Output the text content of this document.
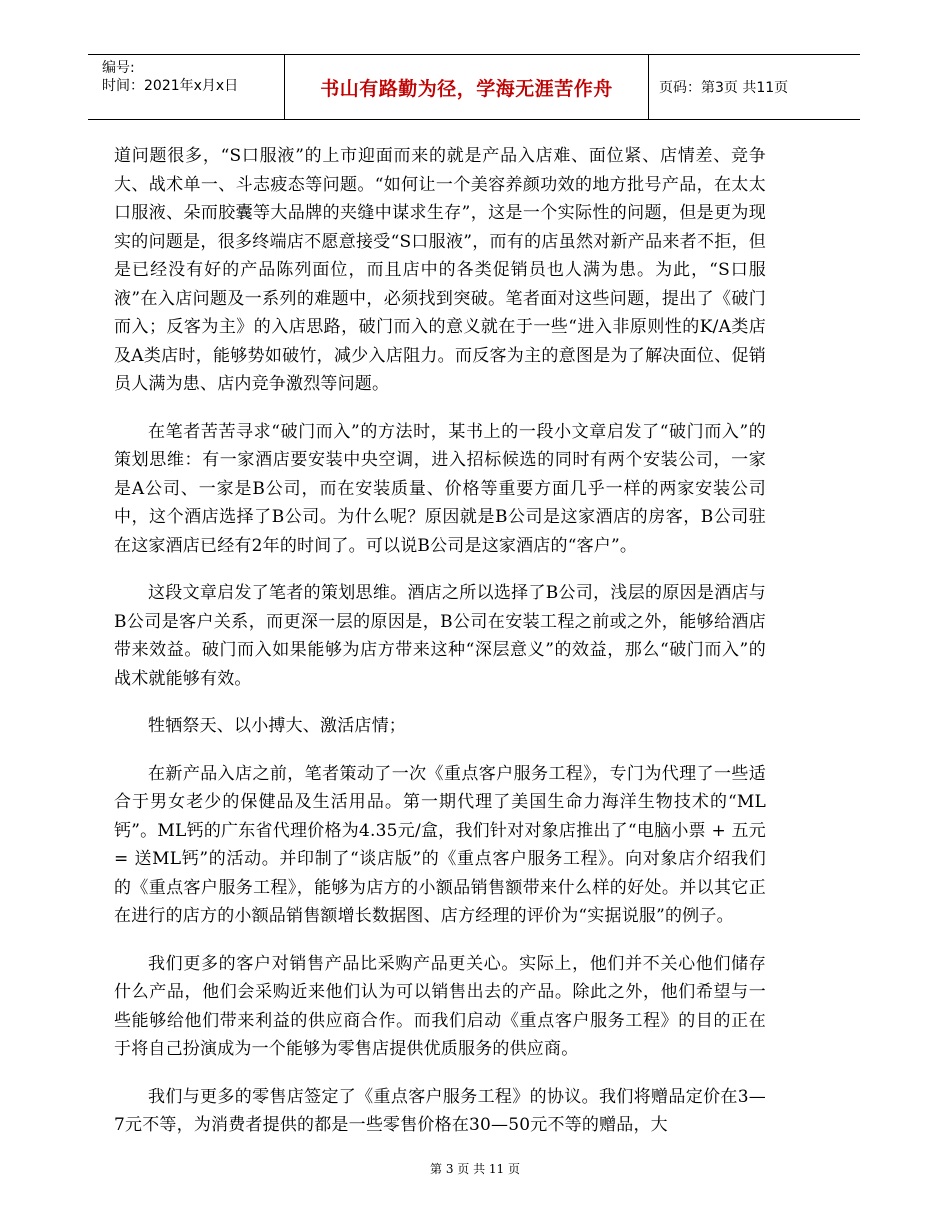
编号:
时间：2021年x月x日	书山有路勤为径，学海无涯苦作舟	页码：第3页 共11页

道问题很多，“S口服液”的上市迎面而来的就是产品入店难、面位紧、店情差、竞争大、战术单一、斗志疲态等问题。“如何让一个美容养颜功效的地方批号产品，在太太口服液、朵而胶囊等大品牌的夹缝中谋求生存”，这是一个实际性的问题，但是更为现实的问题是，很多终端店不愿意接受“S口服液”，而有的店虽然对新产品来者不拒，但是已经没有好的产品陈列面位，而且店中的各类促销员也人满为患。为此，“S口服液”在入店问题及一系列的难题中，必须找到突破。笔者面对这些问题，提出了《破门而入；反客为主》的入店思路，破门而入的意义就在于一些“进入非原则性的K/A类店及A类店时，能够势如破竹，减少入店阻力。而反客为主的意图是为了解决面位、促销员人满为患、店内竞争激烈等问题。

在笔者苦苦寻求“破门而入”的方法时，某书上的一段小文章启发了“破门而入”的策划思维：有一家酒店要安装中央空调，进入招标候选的同时有两个安装公司，一家是A公司、一家是B公司，而在安装质量、价格等重要方面几乎一样的两家安装公司中，这个酒店选择了B公司。为什么呢？原因就是B公司是这家酒店的房客，B公司驻在这家酒店已经有2年的时间了。可以说B公司是这家酒店的“客户”。

这段文章启发了笔者的策划思维。酒店之所以选择了B公司，浅层的原因是酒店与B公司是客户关系，而更深一层的原因是，B公司在安装工程之前或之外，能够给酒店带来效益。破门而入如果能够为店方带来这种“深层意义”的效益，那么“破门而入”的战术就能够有效。

牲牺祭天、以小搏大、激活店情；

在新产品入店之前，笔者策动了一次《重点客户服务工程》，专门为代理了一些适合于男女老少的保健品及生活用品。第一期代理了美国生命力海洋生物技术的“ML钙”。ML钙的广东省代理价格为4.35元/盒，我们针对对象店推出了“电脑小票 + 五元 = 送ML钙”的活动。并印制了“谈店版”的《重点客户服务工程》。向对象店介绍我们的《重点客户服务工程》，能够为店方的小额品销售额带来什么样的好处。并以其它正在进行的店方的小额品销售额增长数据图、店方经理的评价为“实据说服”的例子。

我们更多的客户对销售产品比采购产品更关心。实际上，他们并不关心他们储存什么产品，他们会采购近来他们认为可以销售出去的产品。除此之外，他们希望与一些能够给他们带来利益的供应商合作。而我们启动《重点客户服务工程》的目的正在于将自己扮演成为一个能够为零售店提供优质服务的供应商。

我们与更多的零售店签定了《重点客户服务工程》的协议。我们将赠品定价在3—7元不等，为消费者提供的都是一些零售价格在30—50元不等的赠品，大

第 3 页 共 11 页
